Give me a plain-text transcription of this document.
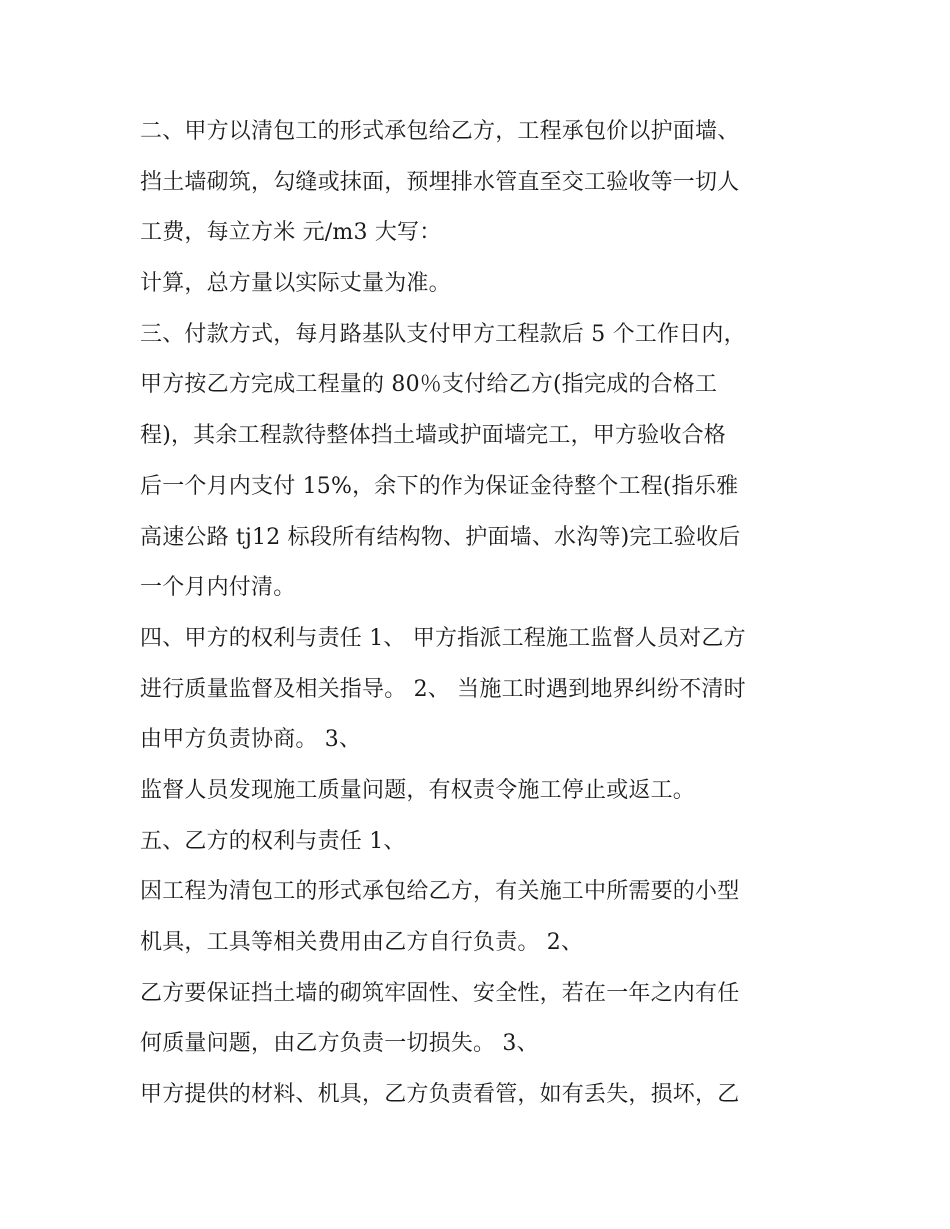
二、甲方以清包工的形式承包给乙方，工程承包价以护面墙、
挡土墙砌筑，勾缝或抹面，预埋排水管直至交工验收等一切人
工费，每立方米 元/m3 大写：
计算，总方量以实际丈量为准。
三、付款方式，每月路基队支付甲方工程款后 5 个工作日内，
甲方按乙方完成工程量的 80％支付给乙方(指完成的合格工
程)，其余工程款待整体挡土墙或护面墙完工，甲方验收合格
后一个月内支付 15%，余下的作为保证金待整个工程(指乐雅
高速公路 tj12 标段所有结构物、护面墙、水沟等)完工验收后
一个月内付清。
四、甲方的权利与责任 1、 甲方指派工程施工监督人员对乙方
进行质量监督及相关指导。 2、 当施工时遇到地界纠纷不清时
由甲方负责协商。 3、
监督人员发现施工质量问题，有权责令施工停止或返工。
五、乙方的权利与责任 1、
因工程为清包工的形式承包给乙方，有关施工中所需要的小型
机具，工具等相关费用由乙方自行负责。 2、
乙方要保证挡土墙的砌筑牢固性、安全性，若在一年之内有任
何质量问题，由乙方负责一切损失。 3、
甲方提供的材料、机具，乙方负责看管，如有丢失，损坏，乙
